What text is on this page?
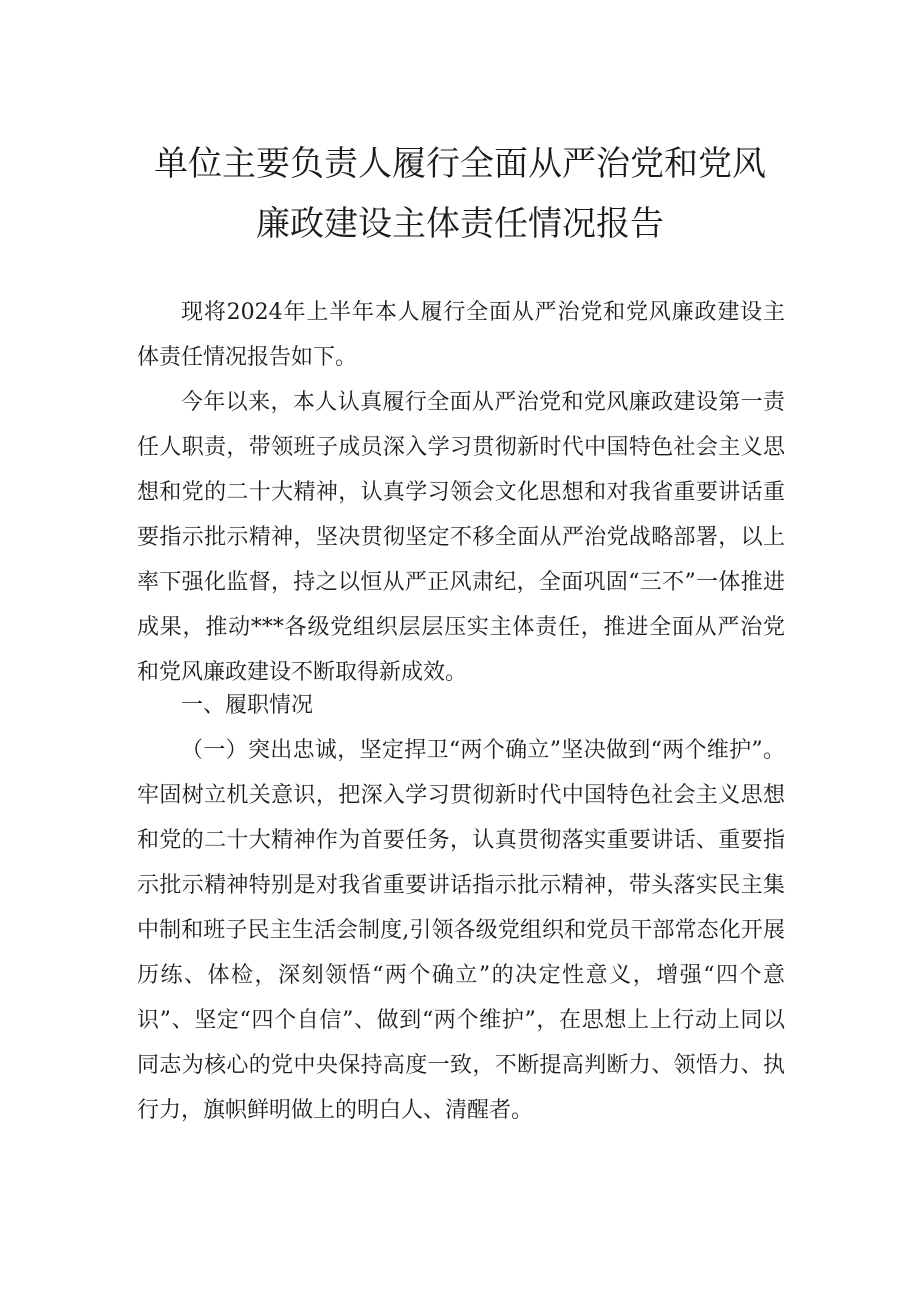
单位主要负责人履行全面从严治党和党风
廉政建设主体责任情况报告

现将2024年上半年本人履行全面从严治党和党风廉政建设主体责任情况报告如下。

今年以来，本人认真履行全面从严治党和党风廉政建设第一责任人职责，带领班子成员深入学习贯彻新时代中国特色社会主义思想和党的二十大精神，认真学习领会文化思想和对我省重要讲话重要指示批示精神，坚决贯彻坚定不移全面从严治党战略部署，以上率下强化监督，持之以恒从严正风肃纪，全面巩固“三不”一体推进成果，推动***各级党组织层层压实主体责任，推进全面从严治党和党风廉政建设不断取得新成效。

一、履职情况

（一）突出忠诚，坚定捍卫“两个确立”坚决做到“两个维护”。牢固树立机关意识，把深入学习贯彻新时代中国特色社会主义思想和党的二十大精神作为首要任务，认真贯彻落实重要讲话、重要指示批示精神特别是对我省重要讲话指示批示精神，带头落实民主集中制和班子民主生活会制度,引领各级党组织和党员干部常态化开展历练、体检，深刻领悟“两个确立”的决定性意义，增强“四个意识”、坚定“四个自信”、做到“两个维护”，在思想上上行动上同以同志为核心的党中央保持高度一致，不断提高判断力、领悟力、执行力，旗帜鲜明做上的明白人、清醒者。
